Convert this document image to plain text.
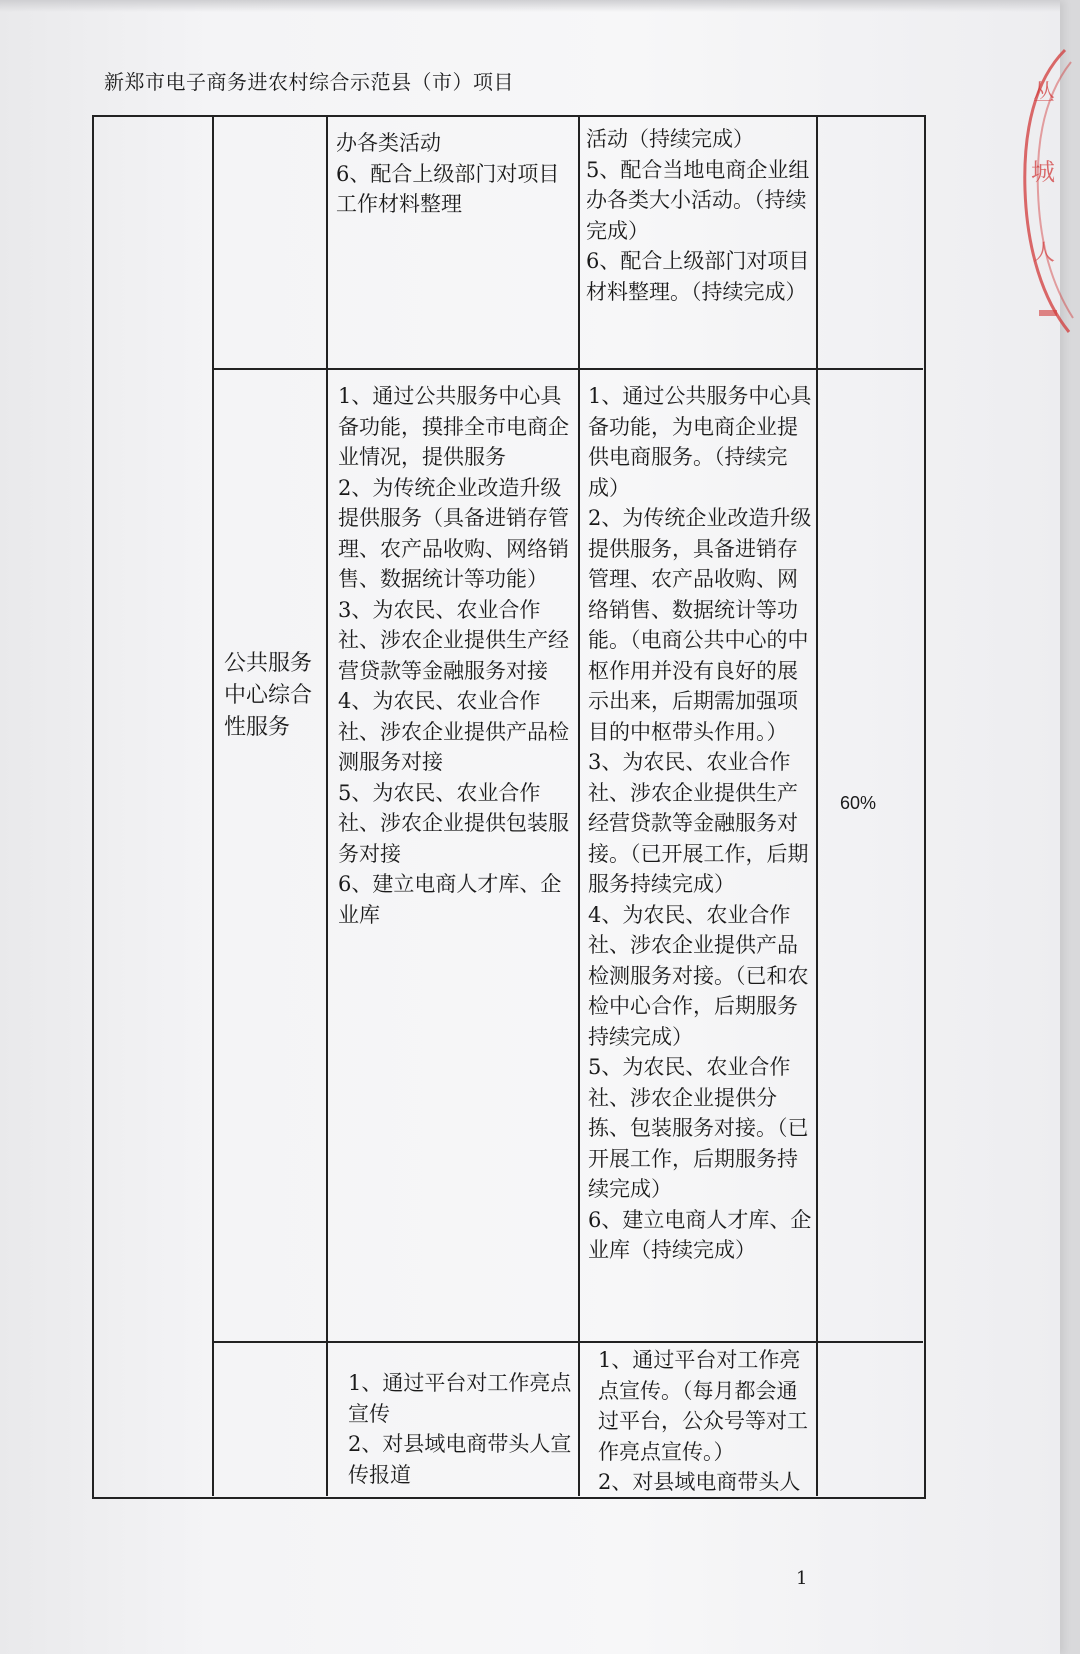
新郑市电子商务进农村综合示范县（市）项目	丛
城
人
办各类活动
6、配合上级部门对项目工作材料整理
活动（持续完成）
5、配合当地电商企业组办各类大小活动。（持续完成）
6、配合上级部门对项目材料整理。（持续完成）
公共服务中心综合性服务
1、通过公共服务中心具备功能，摸排全市电商企业情况，提供服务
2、为传统企业改造升级提供服务（具备进销存管理、农产品收购、网络销售、数据统计等功能）
3、为农民、农业合作社、涉农企业提供生产经营贷款等金融服务对接
4、为农民、农业合作社、涉农企业提供产品检测服务对接
5、为农民、农业合作社、涉农企业提供包装服务对接
6、建立电商人才库、企业库
1、通过公共服务中心具备功能，为电商企业提供电商服务。（持续完成）
2、为传统企业改造升级提供服务，具备进销存管理、农产品收购、网络销售、数据统计等功能。（电商公共中心的中枢作用并没有良好的展示出来，后期需加强项目的中枢带头作用。）
3、为农民、农业合作社、涉农企业提供生产经营贷款等金融服务对接。（已开展工作，后期服务持续完成）
4、为农民、农业合作社、涉农企业提供产品检测服务对接。（已和农检中心合作，后期服务持续完成）
5、为农民、农业合作社、涉农企业提供分拣、包装服务对接。（已开展工作，后期服务持续完成）
6、建立电商人才库、企业库（持续完成）
60%
1、通过平台对工作亮点宣传
2、对县域电商带头人宣传报道
1、通过平台对工作亮点宣传。（每月都会通过平台，公众号等对工作亮点宣传。）
2、对县域电商带头人
1
